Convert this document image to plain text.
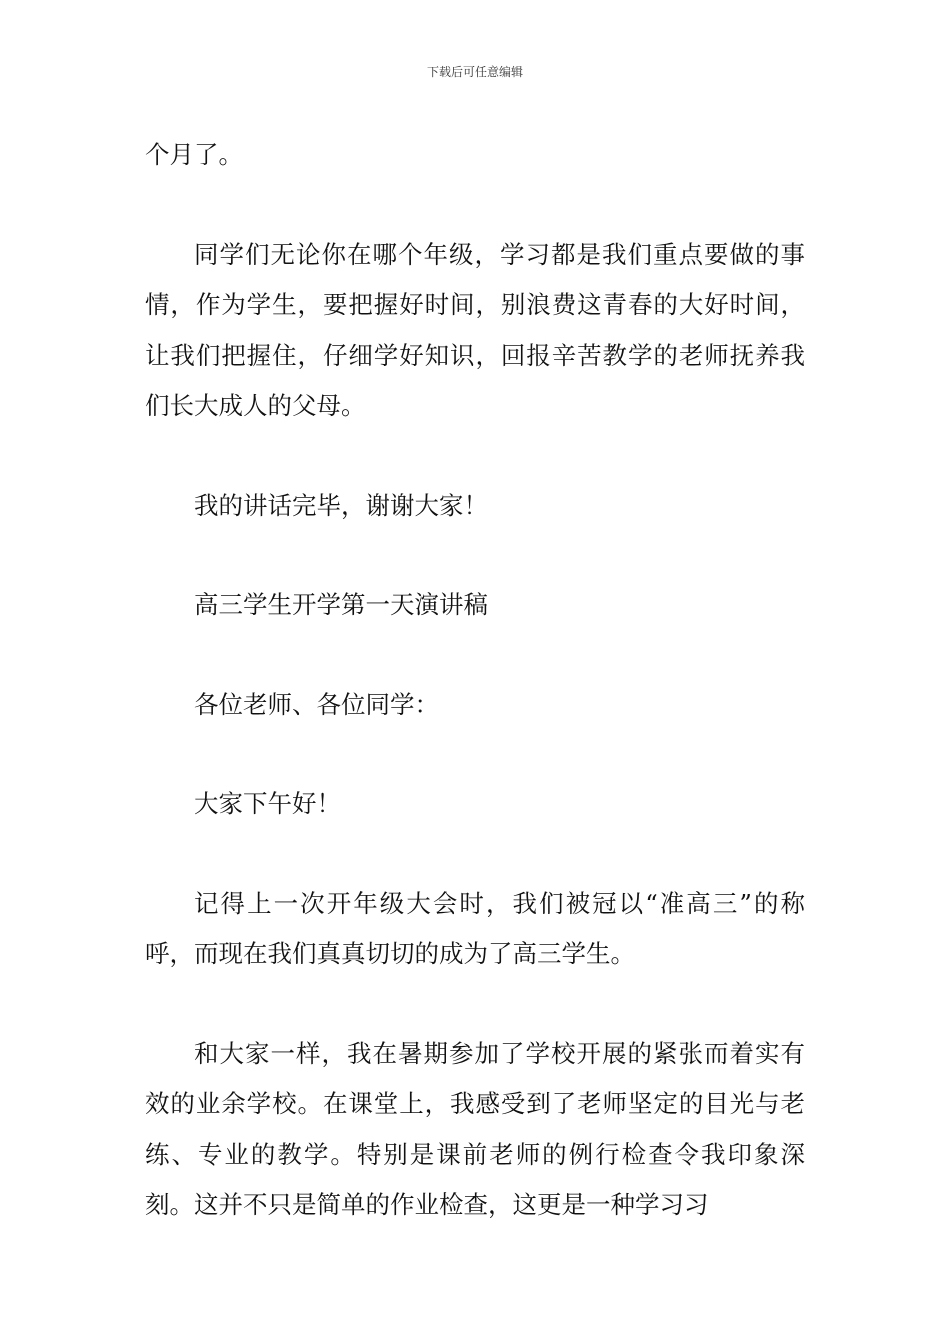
下载后可任意编辑

个月了。

同学们无论你在哪个年级，学习都是我们重点要做的事情，作为学生，要把握好时间，别浪费这青春的大好时间，让我们把握住，仔细学好知识，回报辛苦教学的老师抚养我们长大成人的父母。

我的讲话完毕，谢谢大家！

高三学生开学第一天演讲稿

各位老师、各位同学：

大家下午好！

记得上一次开年级大会时，我们被冠以“准高三”的称呼，而现在我们真真切切的成为了高三学生。

和大家一样，我在暑期参加了学校开展的紧张而着实有效的业余学校。在课堂上，我感受到了老师坚定的目光与老练、专业的教学。特别是课前老师的例行检查令我印象深刻。这并不只是简单的作业检查，这更是一种学习习
